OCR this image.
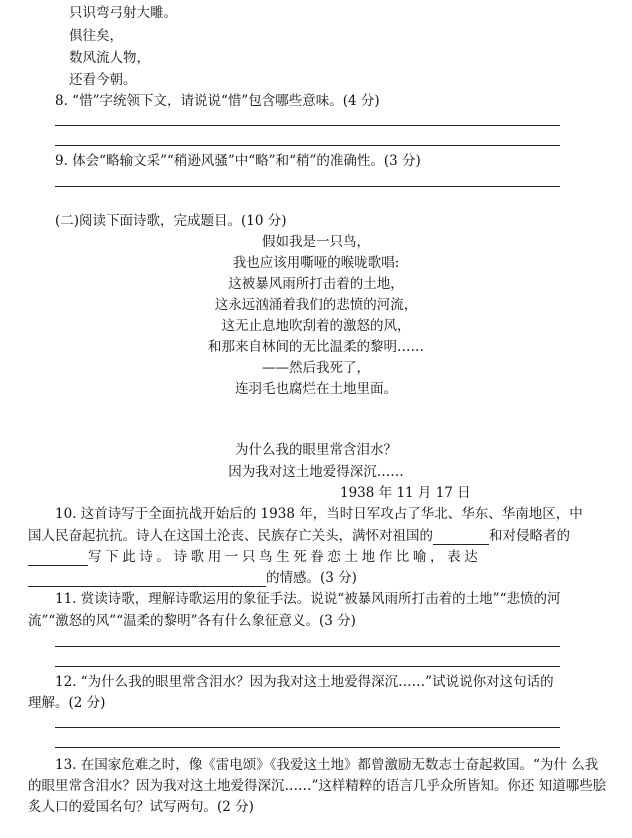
只识弯弓射大雕。
俱往矣，
数风流人物，
还看今朝。
8. “惜”字统领下文，请说说“惜”包含哪些意味。(4 分)
9. 体会“略输文采”“稍逊风骚”中“略”和“稍”的准确性。(3 分)
(二)阅读下面诗歌，完成题目。(10 分)
假如我是一只鸟，
我也应该用嘶哑的喉咙歌唱:
这被暴风雨所打击着的土地，
这永远汹涌着我们的悲愤的河流，
这无止息地吹刮着的激怒的风，
和那来自林间的无比温柔的黎明……
——然后我死了，
连羽毛也腐烂在土地里面。
为什么我的眼里常含泪水？
因为我对这土地爱得深沉……
1938 年 11 月 17 日
10. 这首诗写于全面抗战开始后的 1938 年，当时日军攻占了华北、华东、华南地区，中
国人民奋起抗抗。诗人在这国土沦丧、民族存亡关头，满怀对祖国的	和对侵略者的
写下此诗。诗歌用一只鸟生死眷恋土地作比喻，表达
的情感。(3 分)
11. 赏读诗歌，理解诗歌运用的象征手法。说说“被暴风雨所打击着的土地”“悲愤的河
流”“激怒的风”“温柔的黎明”各有什么象征意义。(3 分)
12. “为什么我的眼里常含泪水？因为我对这土地爱得深沉……”试说说你对这句话的
理解。(2 分)
13. 在国家危难之时，像《雷电颂》《我爱这土地》都曾激励无数志士奋起救国。“为什 么我
的眼里常含泪水？因为我对这土地爱得深沉……”这样精粹的语言几乎众所皆知。你还 知道哪些脍
炙人口的爱国名句？试写两句。(2 分)
